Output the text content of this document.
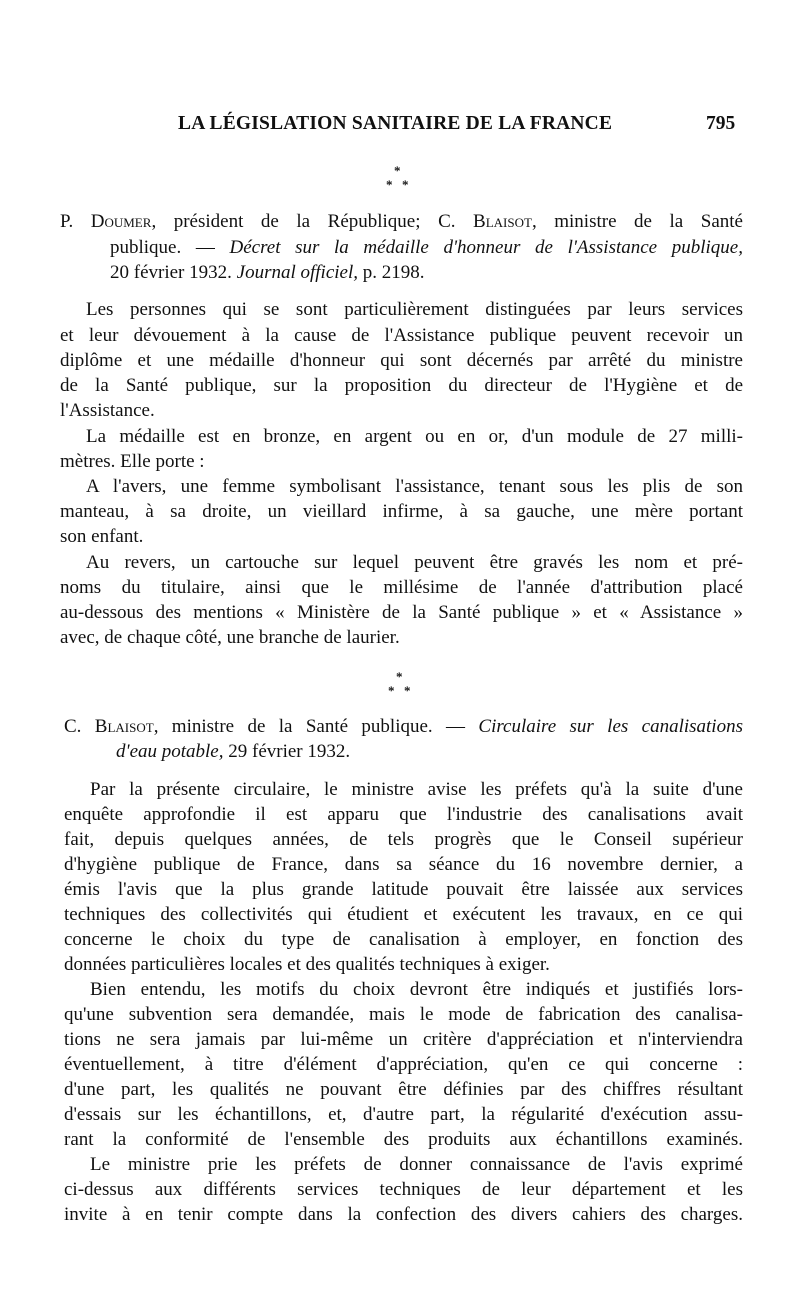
LA LÉGISLATION SANITAIRE DE LA FRANCE	795
*
* *
P. Doumer, président de la République; C. Blaisot, ministre de la Santé
publique. — Décret sur la médaille d'honneur de l'Assistance publique,
20 février 1932. Journal officiel, p. 2198.
Les personnes qui se sont particulièrement distinguées par leurs services
et leur dévouement à la cause de l'Assistance publique peuvent recevoir un
diplôme et une médaille d'honneur qui sont décernés par arrêté du ministre
de la Santé publique, sur la proposition du directeur de l'Hygiène et de
l'Assistance.
La médaille est en bronze, en argent ou en or, d'un module de 27 milli-
mètres. Elle porte :
A l'avers, une femme symbolisant l'assistance, tenant sous les plis de son
manteau, à sa droite, un vieillard infirme, à sa gauche, une mère portant
son enfant.
Au revers, un cartouche sur lequel peuvent être gravés les nom et pré-
noms du titulaire, ainsi que le millésime de l'année d'attribution placé
au-dessous des mentions « Ministère de la Santé publique » et « Assistance »
avec, de chaque côté, une branche de laurier.
*
* *
C. Blaisot, ministre de la Santé publique. — Circulaire sur les canalisations
d'eau potable, 29 février 1932.
Par la présente circulaire, le ministre avise les préfets qu'à la suite d'une
enquête approfondie il est apparu que l'industrie des canalisations avait
fait, depuis quelques années, de tels progrès que le Conseil supérieur
d'hygiène publique de France, dans sa séance du 16 novembre dernier, a
émis l'avis que la plus grande latitude pouvait être laissée aux services
techniques des collectivités qui étudient et exécutent les travaux, en ce qui
concerne le choix du type de canalisation à employer, en fonction des
données particulières locales et des qualités techniques à exiger.
Bien entendu, les motifs du choix devront être indiqués et justifiés lors-
qu'une subvention sera demandée, mais le mode de fabrication des canalisa-
tions ne sera jamais par lui-même un critère d'appréciation et n'interviendra
éventuellement, à titre d'élément d'appréciation, qu'en ce qui concerne :
d'une part, les qualités ne pouvant être définies par des chiffres résultant
d'essais sur les échantillons, et, d'autre part, la régularité d'exécution assu-
rant la conformité de l'ensemble des produits aux échantillons examinés.
Le ministre prie les préfets de donner connaissance de l'avis exprimé
ci-dessus aux différents services techniques de leur département et les
invite à en tenir compte dans la confection des divers cahiers des charges.
